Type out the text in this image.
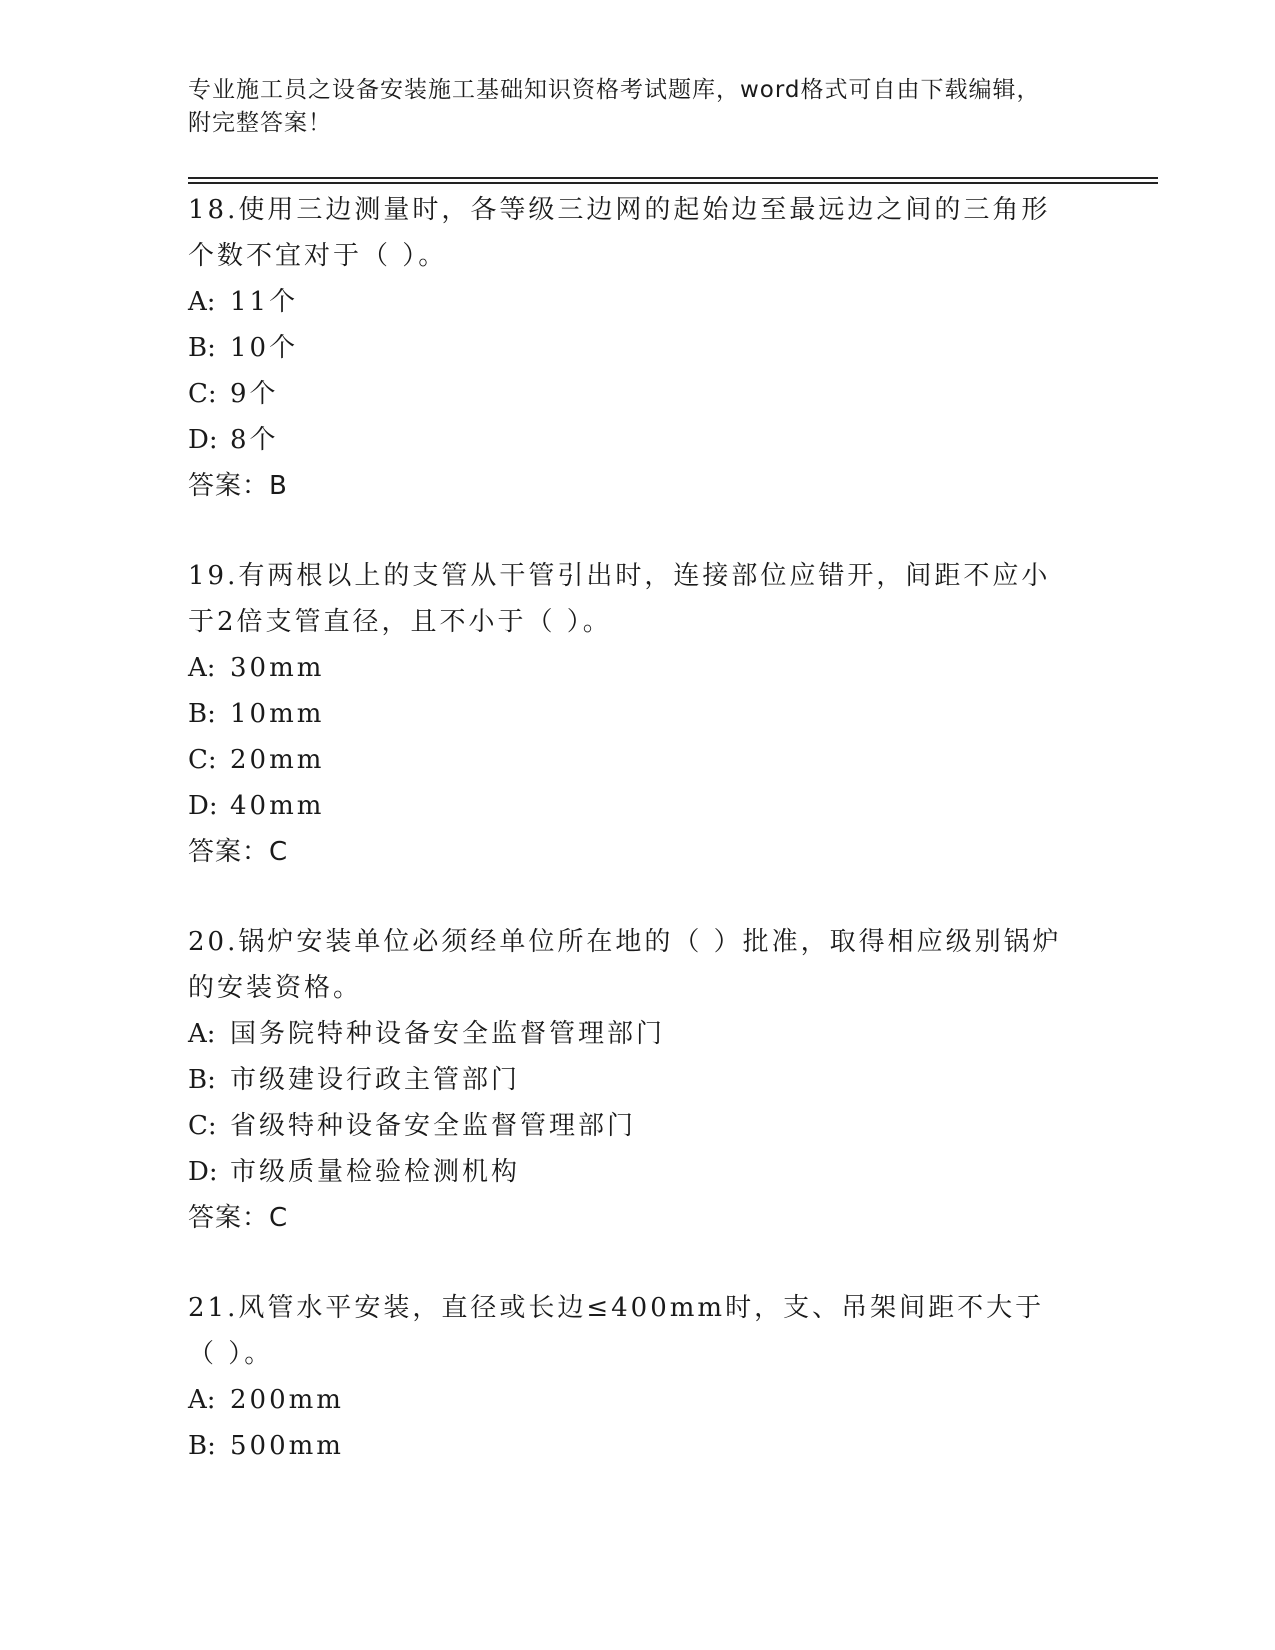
专业施工员之设备安装施工基础知识资格考试题库，word格式可自由下载编辑，
附完整答案！

18.使用三边测量时，各等级三边网的起始边至最远边之间的三角形个数不宜对于（ ）。

A: 11个
B: 10个
C: 9个
D: 8个
答案：B

19.有两根以上的支管从干管引出时，连接部位应错开，间距不应小于2倍支管直径，且不小于（ ）。

A: 30mm
B: 10mm
C: 20mm
D: 40mm
答案：C

20.锅炉安装单位必须经单位所在地的（ ）批准，取得相应级别锅炉的安装资格。

A: 国务院特种设备安全监督管理部门
B: 市级建设行政主管部门
C: 省级特种设备安全监督管理部门
D: 市级质量检验检测机构
答案：C

21.风管水平安装，直径或长边≤400mm时，支、吊架间距不大于（ ）。

A: 200mm
B: 500mm
